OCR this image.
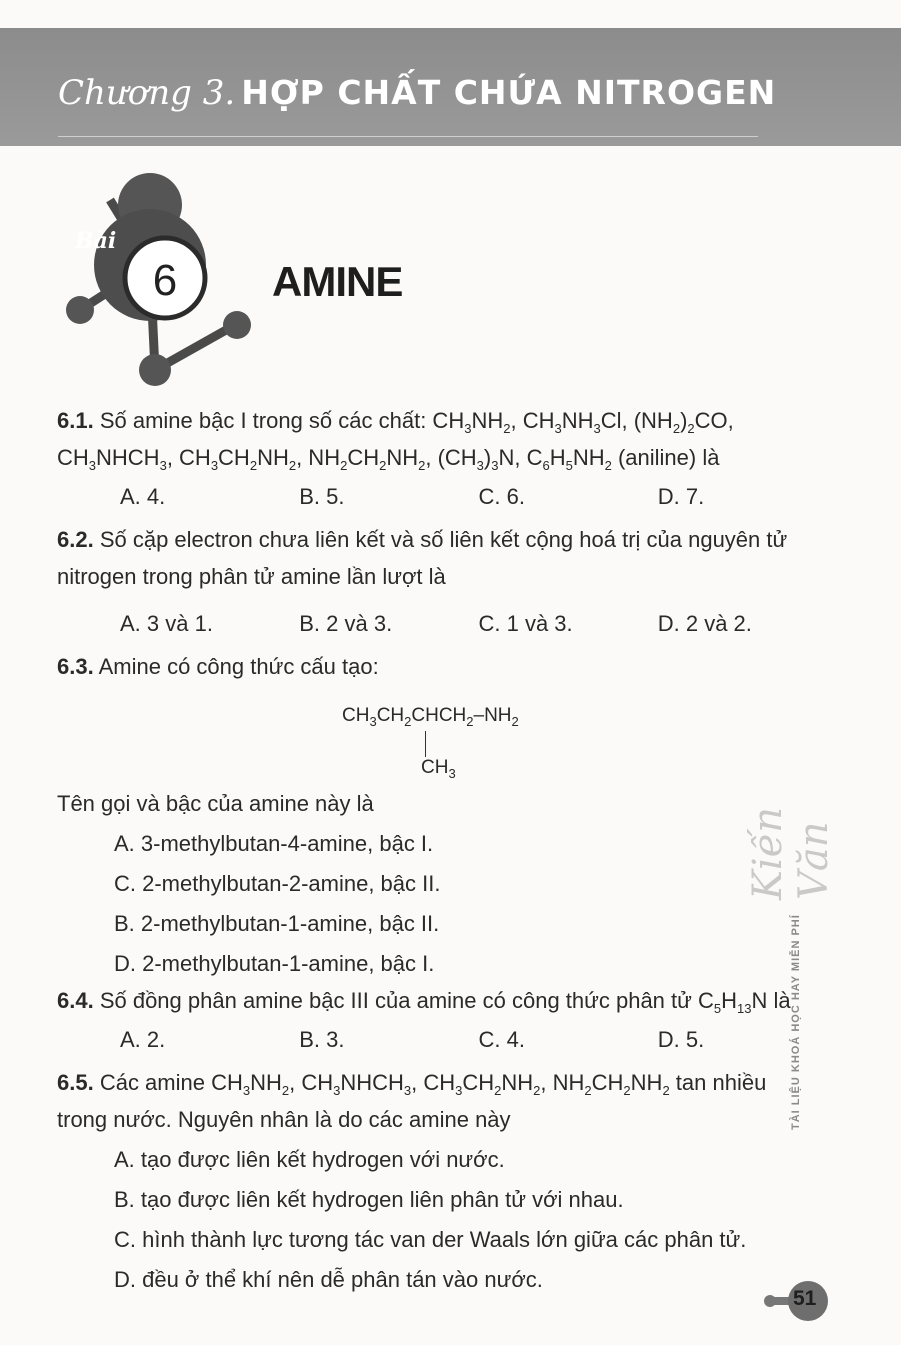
Chương 3. HỢP CHẤT CHỨA NITROGEN
Bài
6 AMINE

6.1. Số amine bậc I trong số các chất: $CH_3NH_2$, $CH_3NH_3Cl$, $(NH_2)_2CO$,

$CH_3NHCH_3$, $CH_3CH_2NH_2$, $NH_2CH_2NH_2$, $(CH_3)_3N$, $C_6H_5NH_2$ (aniline) là

A. 4.	B. 5.	C. 6.	D. 7.

6.2. Số cặp electron chưa liên kết và số liên kết cộng hoá trị của nguyên tử nitrogen trong phân tử amine lần lượt là

A. 3 và 1.	B. 2 và 3.	C. 1 và 3.	D. 2 và 2.

6.3. Amine có công thức cấu tạo:

$CH_3CH_2CHCH_2-NH_2$
$CH_3$

Tên gọi và bậc của amine này là

A. 3-methylbutan-4-amine, bậc I.
C. 2-methylbutan-2-amine, bậc II.
B. 2-methylbutan-1-amine, bậc II.
D. 2-methylbutan-1-amine, bậc I.

6.4. Số đồng phân amine bậc III của amine có công thức phân tử $C_5H_{13}N$ là

A. 2.	B. 3.	C. 4.	D. 5.

6.5. Các amine $CH_3NH_2$, $CH_3NHCH_3$, $CH_3CH_2NH_2$, $NH_2CH_2NH_2$ tan nhiều

trong nước. Nguyên nhân là do các amine này

A. tạo được liên kết hydrogen với nước.
B. tạo được liên kết hydrogen liên phân tử với nhau.
C. hình thành lực tương tác van der Waals lớn giữa các phân tử.
D. đều ở thể khí nên dễ phân tán vào nước.
Kiến Văn
TÀI LIỆU KHOÁ HỌC HAY MIỄN PHÍ
51
